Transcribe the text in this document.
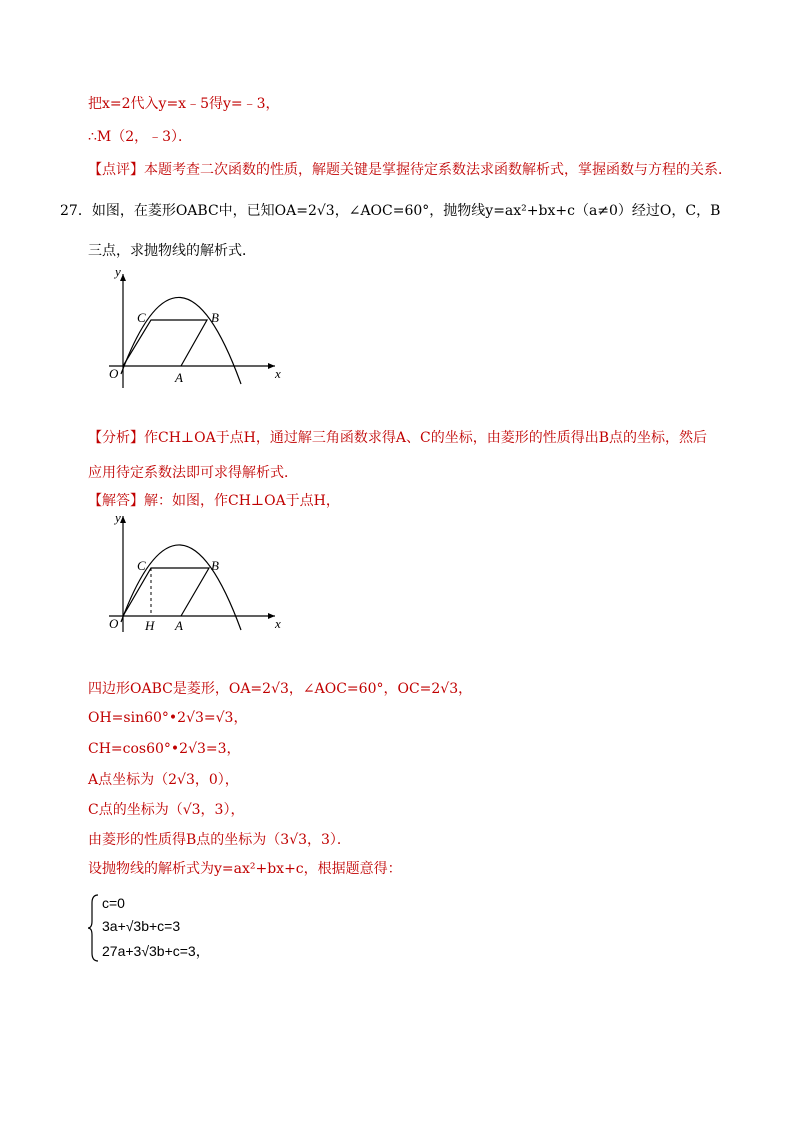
把x=2代入y=x﹣5得y=﹣3，
∴M（2，﹣3）．
【点评】本题考查二次函数的性质，解题关键是掌握待定系数法求函数解析式，掌握函数与方程的关系．
27．如图，在菱形OABC中，已知OA=2√3，∠AOC=60°，抛物线y=ax²+bx+c（a≠0）经过O，C，B
三点，求抛物线的解析式．
y
C	B
O	A	x
【分析】作CH⊥OA于点H，通过解三角函数求得A、C的坐标，由菱形的性质得出B点的坐标，然后
应用待定系数法即可求得解析式．
【解答】解：如图，作CH⊥OA于点H，
y
C	B
O H A	x
四边形OABC是菱形，OA=2√3，∠AOC=60°，OC=2√3，
OH=sin60°•2√3=√3，
CH=cos60°•2√3=3，
A点坐标为（2√3，0），
C点的坐标为（√3，3），
由菱形的性质得B点的坐标为（3√3，3）．
设抛物线的解析式为y=ax²+bx+c，根据题意得：
c=0
3a+√3b+c=3
27a+3√3b+c=3，
